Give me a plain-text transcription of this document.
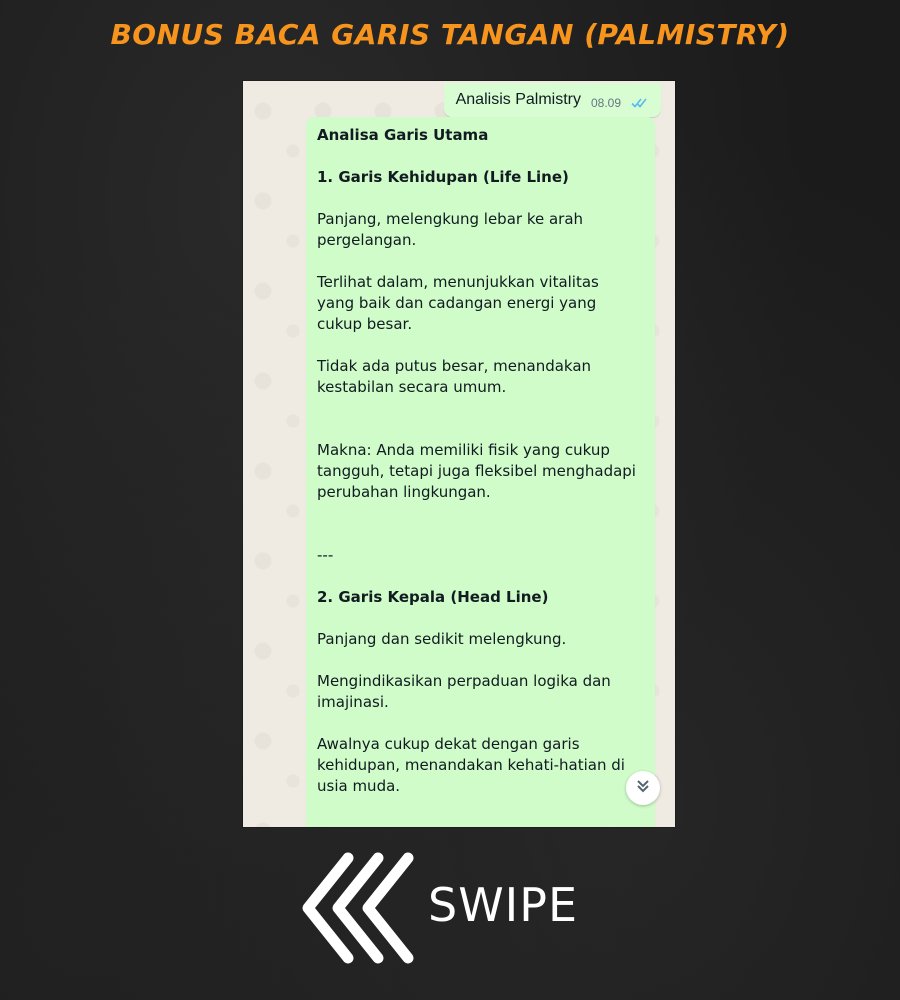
BONUS BACA GARIS TANGAN (PALMISTRY)
Analisis Palmistry 08.09
Analisa Garis Utama

1. Garis Kehidupan (Life Line)

Panjang, melengkung lebar ke arah
pergelangan.

Terlihat dalam, menunjukkan vitalitas
yang baik dan cadangan energi yang
cukup besar.

Tidak ada putus besar, menandakan
kestabilan secara umum.

Makna: Anda memiliki fisik yang cukup
tangguh, tetapi juga fleksibel menghadapi
perubahan lingkungan.

---

2. Garis Kepala (Head Line)

Panjang dan sedikit melengkung.

Mengindikasikan perpaduan logika dan
imajinasi.

Awalnya cukup dekat dengan garis
kehidupan, menandakan kehati-hatian di
usia muda.
SWIPE
